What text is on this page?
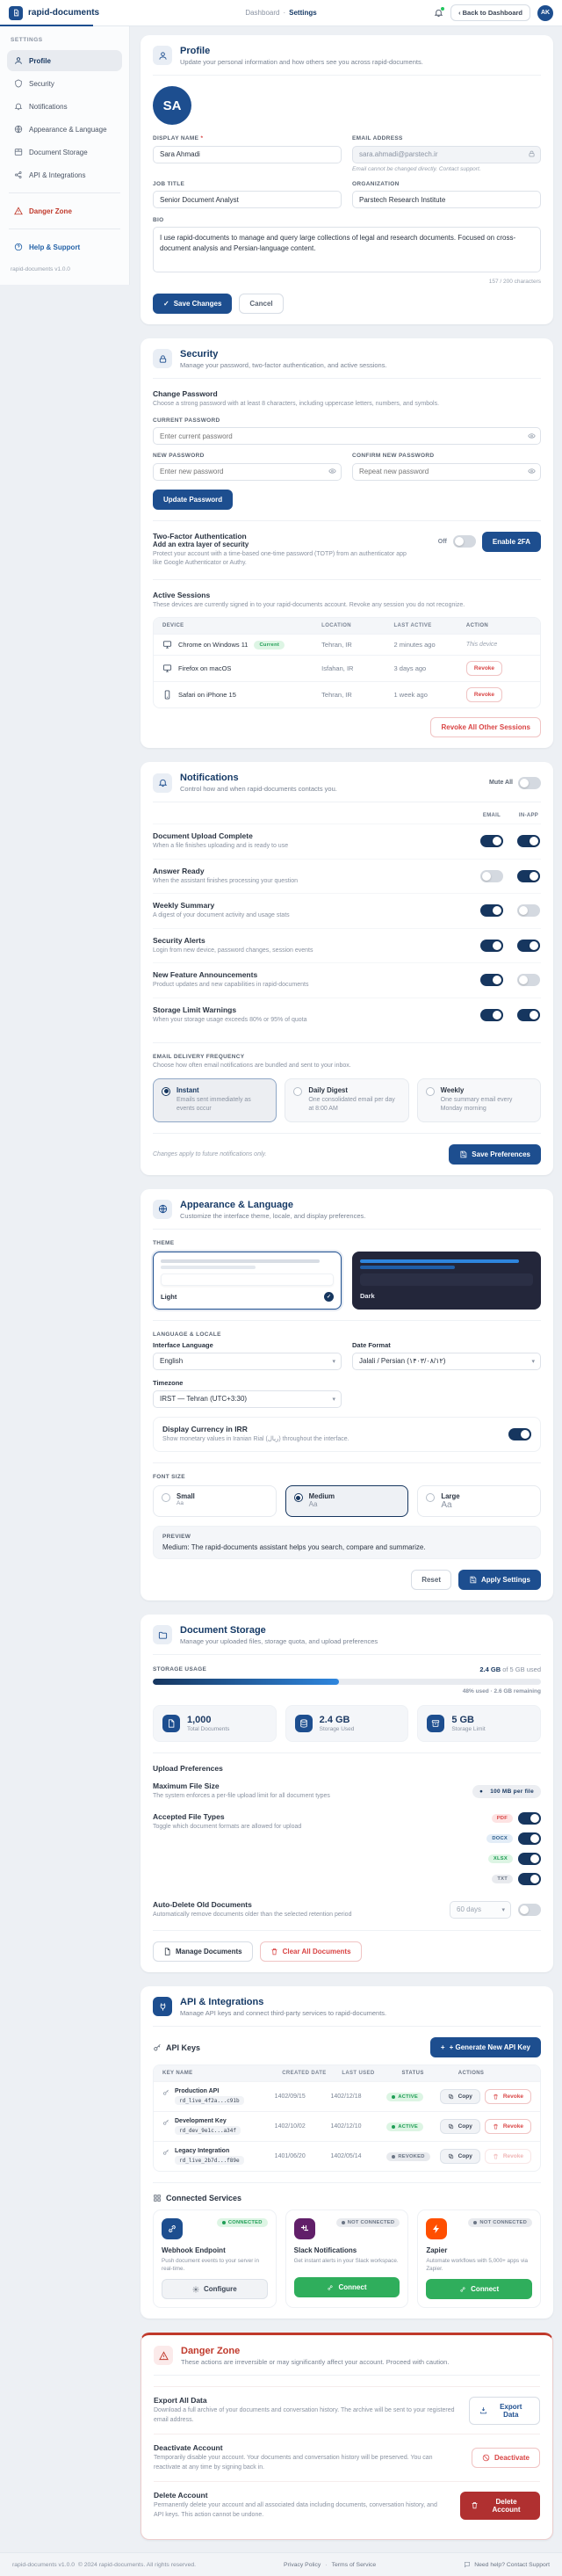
rapid-documents	Dashboard · Settings	‹ Back to Dashboard	AK
SETTINGS
Profile
Security
Notifications
Appearance & Language
Document Storage
API & Integrations
Danger Zone
Help & Support
rapid-documents v1.0.0
Profile
Update your personal information and how others see you across rapid-documents.
SA
DISPLAY NAME *
Sara Ahmadi	EMAIL ADDRESS
sara.ahmadi@parstech.ir
Email cannot be changed directly. Contact support.
JOB TITLE
Senior Document Analyst	ORGANIZATION
Parstech Research Institute
BIO
I use rapid-documents to manage and query large collections of legal and research documents. Focused on cross-document analysis and Persian-language content.
157 / 200 characters
✓ Save Changes	Cancel
Security
Manage your password, two-factor authentication, and active sessions.
Change Password
Choose a strong password with at least 8 characters, including uppercase letters, numbers, and symbols.
CURRENT PASSWORD
Enter current password
NEW PASSWORD
Enter new password	CONFIRM NEW PASSWORD
Repeat new password
Update Password
Two-Factor Authentication
Add an extra layer of security
Protect your account with a time-based one-time password (TOTP) from an authenticator app like Google Authenticator or Authy.
Off	Enable 2FA
Active Sessions
These devices are currently signed in to your rapid-documents account. Revoke any session you do not recognize.
DEVICE	LOCATION	LAST ACTIVE	ACTION
Chrome on Windows 11	Current	Tehran, IR	2 minutes ago	This device
Firefox on macOS	Isfahan, IR	3 days ago	Revoke
Safari on iPhone 15	Tehran, IR	1 week ago	Revoke
Revoke All Other Sessions
Notifications
Control how and when rapid-documents contacts you.
Mute All
EMAIL	IN-APP
Document Upload Complete
When a file finishes uploading and is ready to use
Answer Ready
When the assistant finishes processing your question
Weekly Summary
A digest of your document activity and usage stats
Security Alerts
Login from new device, password changes, session events
New Feature Announcements
Product updates and new capabilities in rapid-documents
Storage Limit Warnings
When your storage usage exceeds 80% or 95% of quota
EMAIL DELIVERY FREQUENCY
Choose how often email notifications are bundled and sent to your inbox.
Instant
Emails sent immediately as events occur
Daily Digest
One consolidated email per day at 8:00 AM
Weekly
One summary email every Monday morning
Changes apply to future notifications only.	Save Preferences
Appearance & Language
Customize the interface theme, locale, and display preferences.
THEME
Light	✓	Dark
LANGUAGE & LOCALE
Interface Language
English	▾
Date Format
Jalali / Persian (۱۴۰۳/۰۸/۱۲)	▾
Timezone
IRST — Tehran (UTC+3:30)	▾
Display Currency in IRR
Show monetary values in Iranian Rial (ریال) throughout the interface.
FONT SIZE
Small
Aa
Medium
Aa
Large
Aa
PREVIEW
Medium: The rapid-documents assistant helps you search, compare and summarize.
Reset	Apply Settings
Document Storage
Manage your uploaded files, storage quota, and upload preferences
STORAGE USAGE	2.4 GB of 5 GB used
48% used · 2.6 GB remaining
1,000
Total Documents
2.4 GB
Storage Used
5 GB
Storage Limit
Upload Preferences
Maximum File Size
The system enforces a per-file upload limit for all document types
●
100 MB per file
Accepted File Types
Toggle which document formats are allowed for upload
PDF
DOCX
XLSX
TXT
Auto-Delete Old Documents
Automatically remove documents older than the selected retention period
60 days	▾
Manage Documents	Clear All Documents
API & Integrations
Manage API keys and connect third-party services to rapid-documents.
API Keys	+ + Generate New API Key
KEY NAME	CREATED DATE	LAST USED	STATUS	ACTIONS
Production API
rd_live_4f2a...c91b
1402/09/15	1402/12/18	ACTIVE	Copy	Revoke
Development Key
rd_dev_9e1c...a34f
1402/10/02	1402/12/10	ACTIVE	Copy	Revoke
Legacy Integration
rd_live_2b7d...f89e
1401/06/20	1402/05/14	REVOKED	Copy	Revoke
Connected Services
CONNECTED
Webhook Endpoint

Push document events to your server in real-time.

Configure
NOT CONNECTED
Slack Notifications

Get instant alerts in your Slack workspace.

Connect
NOT CONNECTED
Zapier

Automate workflows with 5,000+ apps via Zapier.

Connect
Danger Zone
These actions are irreversible or may significantly affect your account. Proceed with caution.
Export All Data
Download a full archive of your documents and conversation history. The archive will be sent to your registered email address.
Export Data
Deactivate Account
Temporarily disable your account. Your documents and conversation history will be preserved. You can reactivate at any time by signing back in.
Deactivate
Delete Account
Permanently delete your account and all associated data including documents, conversation history, and API keys. This action cannot be undone.
Delete Account
rapid-documents v1.0.0 © 2024 rapid-documents. All rights reserved.	Privacy Policy · Terms of Service	Need help? Contact Support
